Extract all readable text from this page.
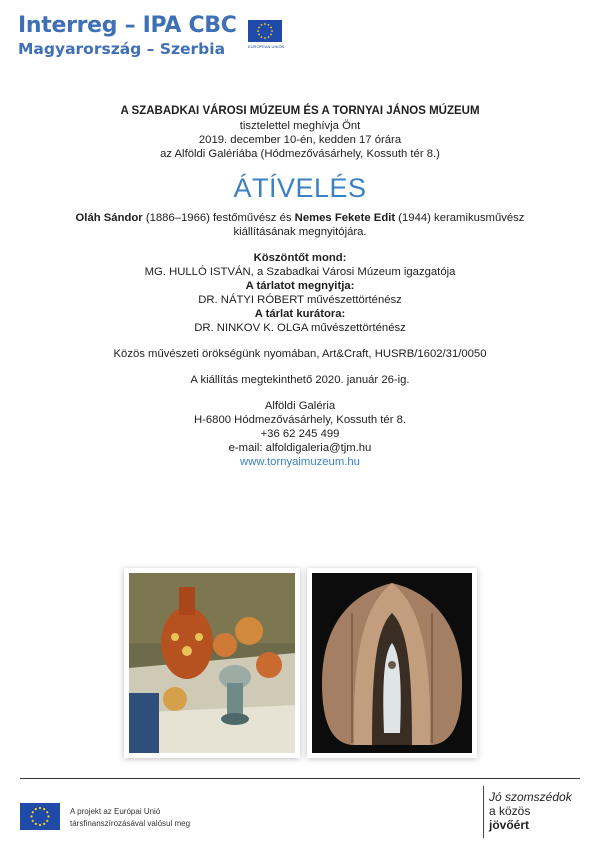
Interreg – IPA CBC
Magyarország – Szerbia	EUROPEAN UNION
A SZABADKAI VÁROSI MÚZEUM ÉS A TORNYAI JÁNOS MÚZEUM
tisztelettel meghívja Önt
2019. december 10-én, kedden 17 órára
az Alföldi Galériába (Hódmezővásárhely, Kossuth tér 8.)
ÁTÍVELÉS
Oláh Sándor (1886–1966) festőművész és Nemes Fekete Edit (1944) keramikusművész
kiállításának megnyitójára.
Köszöntőt mond:
MG. HULLÓ ISTVÁN, a Szabadkai Városi Múzeum igazgatója
A tárlatot megnyitja:
DR. NÁTYI RÓBERT művészettörténész
A tárlat kurátora:
DR. NINKOV K. OLGA művészettörténész
Közös művészeti örökségünk nyomában, Art&Craft, HUSRB/1602/31/0050
A kiállítás megtekinthető 2020. január 26-ig.
Alföldi Galéria
H-6800 Hódmezővásárhely, Kossuth tér 8.
+36 62 245 499
e-mail: alfoldigaleria@tjm.hu
www.tornyaimuzeum.hu
A projekt az Európai Unió
társfinanszírozásával valósul meg
Jó szomszédok
a közös
jövőért
